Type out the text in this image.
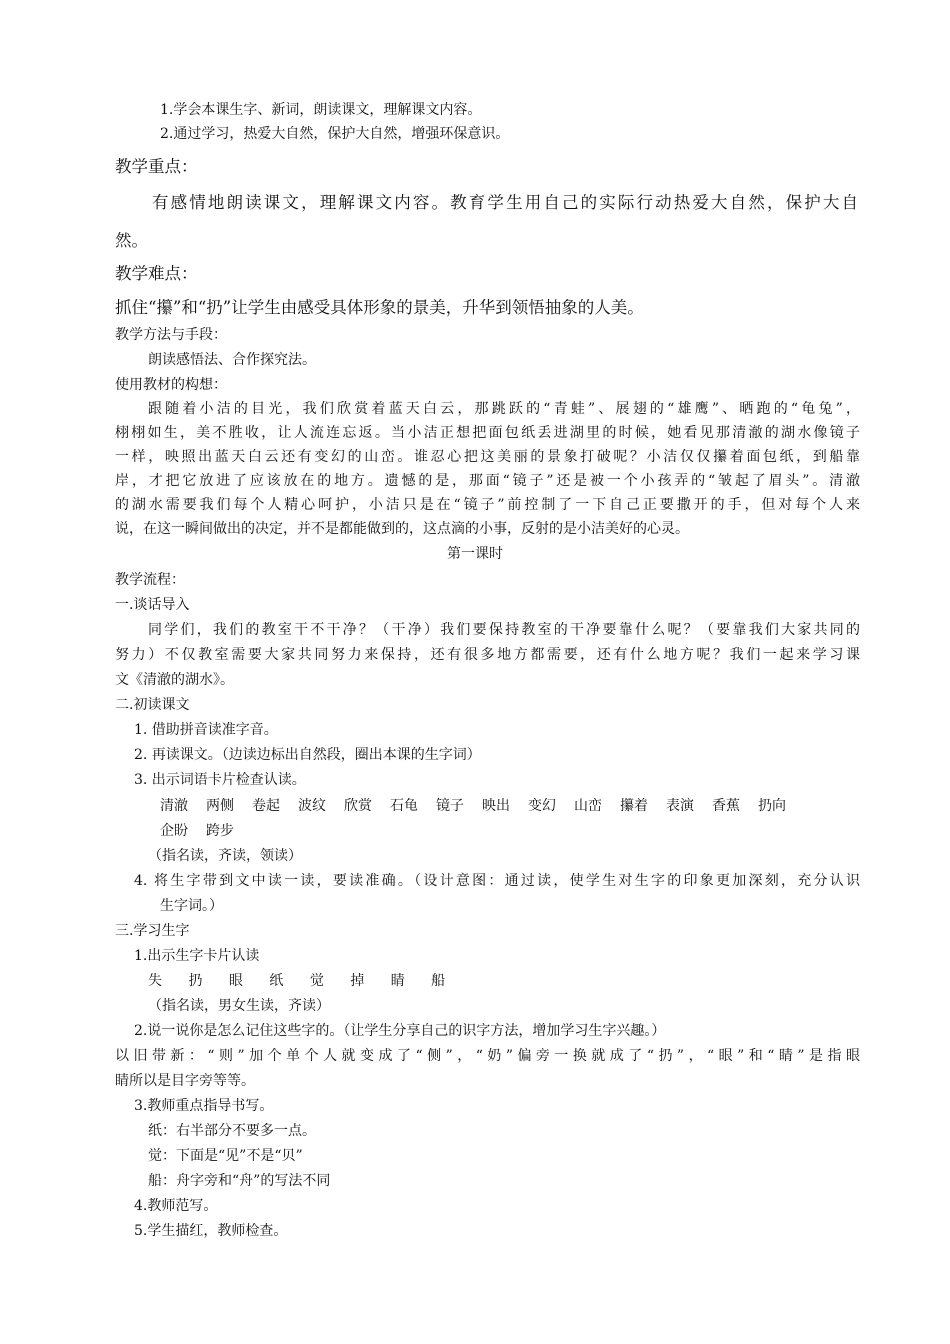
1.学会本课生字、新词，朗读课文，理解课文内容。
2.通过学习，热爱大自然，保护大自然，增强环保意识。
教学重点：
有感情地朗读课文，理解课文内容。教育学生用自己的实际行动热爱大自然，保护大自
然。
教学难点：
抓住“攥”和“扔”让学生由感受具体形象的景美，升华到领悟抽象的人美。
教学方法与手段：
朗读感悟法、合作探究法。
使用教材的构想：
跟随着小洁的目光，我们欣赏着蓝天白云，那跳跃的“青蛙”、展翅的“雄鹰”、晒跑的“龟兔”，
栩栩如生，美不胜收，让人流连忘返。当小洁正想把面包纸丢进湖里的时候，她看见那清澈的湖水像镜子
一样，映照出蓝天白云还有变幻的山峦。谁忍心把这美丽的景象打破呢？小洁仅仅攥着面包纸，到船靠
岸，才把它放进了应该放在的地方。遗憾的是，那面“镜子”还是被一个小孩弄的“皱起了眉头”。清澈
的湖水需要我们每个人精心呵护，小洁只是在“镜子”前控制了一下自己正要撒开的手，但对每个人来
说，在这一瞬间做出的决定，并不是都能做到的，这点滴的小事，反射的是小洁美好的心灵。
第一课时
教学流程：
一.谈话导入
同学们，我们的教室干不干净？（干净）我们要保持教室的干净要靠什么呢？（要靠我们大家共同的
努力）不仅教室需要大家共同努力来保持，还有很多地方都需要，还有什么地方呢？我们一起来学习课
文《清澈的湖水》。
二.初读课文
1. 借助拼音读准字音。
2. 再读课文。（边读边标出自然段，圈出本课的生字词）
3. 出示词语卡片检查认读。
清澈 两侧 卷起 波纹 欣赏 石龟 镜子 映出 变幻 山峦 攥着 表演 香蕉 扔向
企盼 跨步
（指名读，齐读，领读）
4. 将生字带到文中读一读，要读准确。（设计意图：通过读，使学生对生字的印象更加深刻，充分认识
生字词。）
三.学习生字
1.出示生字卡片认读
失 扔 眼 纸 觉 掉 睛 船
（指名读，男女生读，齐读）
2.说一说你是怎么记住这些字的。（让学生分享自己的识字方法，增加学习生字兴趣。）
以旧带新：“则”加个单个人就变成了“侧”，“奶”偏旁一换就成了“扔”，“眼”和“睛”是指眼
睛所以是目字旁等等。
3.教师重点指导书写。
纸：右半部分不要多一点。
觉：下面是“见”不是“贝”
船：舟字旁和“舟”的写法不同
4.教师范写。
5.学生描红，教师检查。
